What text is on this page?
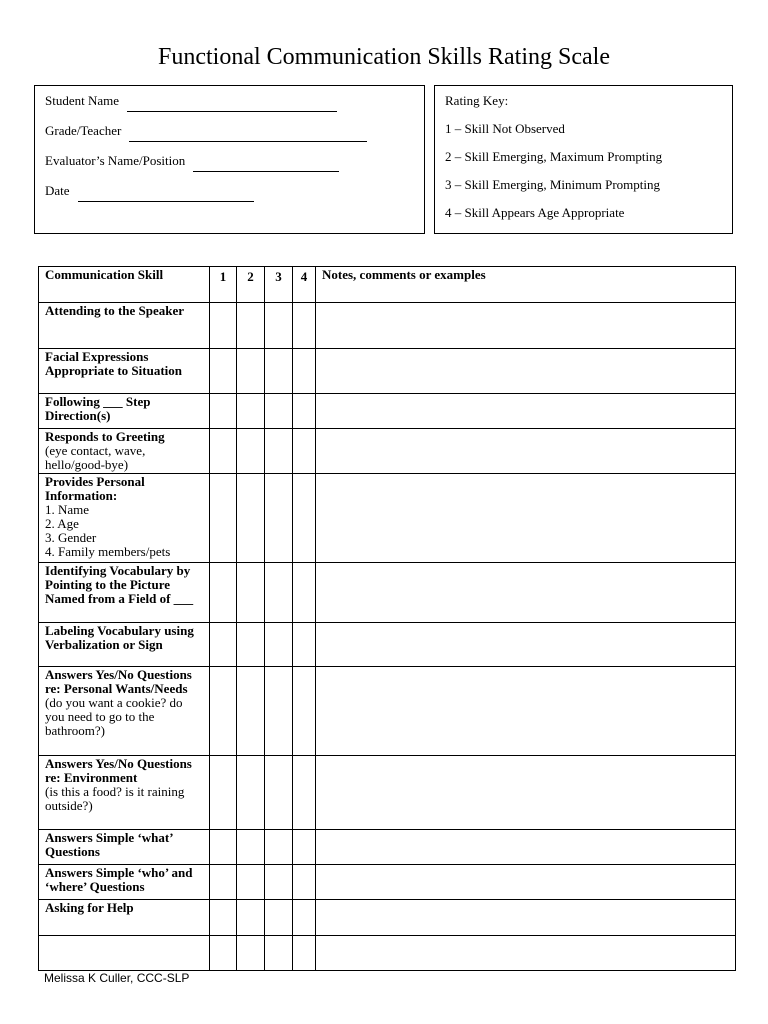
Functional Communication Skills Rating Scale
Student Name
Grade/Teacher
Evaluator’s Name/Position
Date
Rating Key:
1 – Skill Not Observed
2 – Skill Emerging, Maximum Prompting
3 – Skill Emerging, Minimum Prompting
4 – Skill Appears Age Appropriate
Communication Skill	1	2	3	4	Notes, comments or examples

Attending to the Speaker					

Facial Expressions Appropriate to Situation					

Following ___ Step Direction(s)					

Responds to Greeting
(eye contact, wave, hello/good-bye)					

Provides Personal Information:
1. Name
2. Age
3. Gender
4. Family members/pets					

Identifying Vocabulary by Pointing to the Picture Named from a Field of ___					

Labeling Vocabulary using Verbalization or Sign					

Answers Yes/No Questions re: Personal Wants/Needs
(do you want a cookie? do you need to go to the bathroom?)					

Answers Yes/No Questions re: Environment
(is this a food? is it raining outside?)					

Answers Simple ‘what’ Questions					

Answers Simple ‘who’ and ‘where’ Questions					

Asking for Help					

Melissa K Culler, CCC-SLP
